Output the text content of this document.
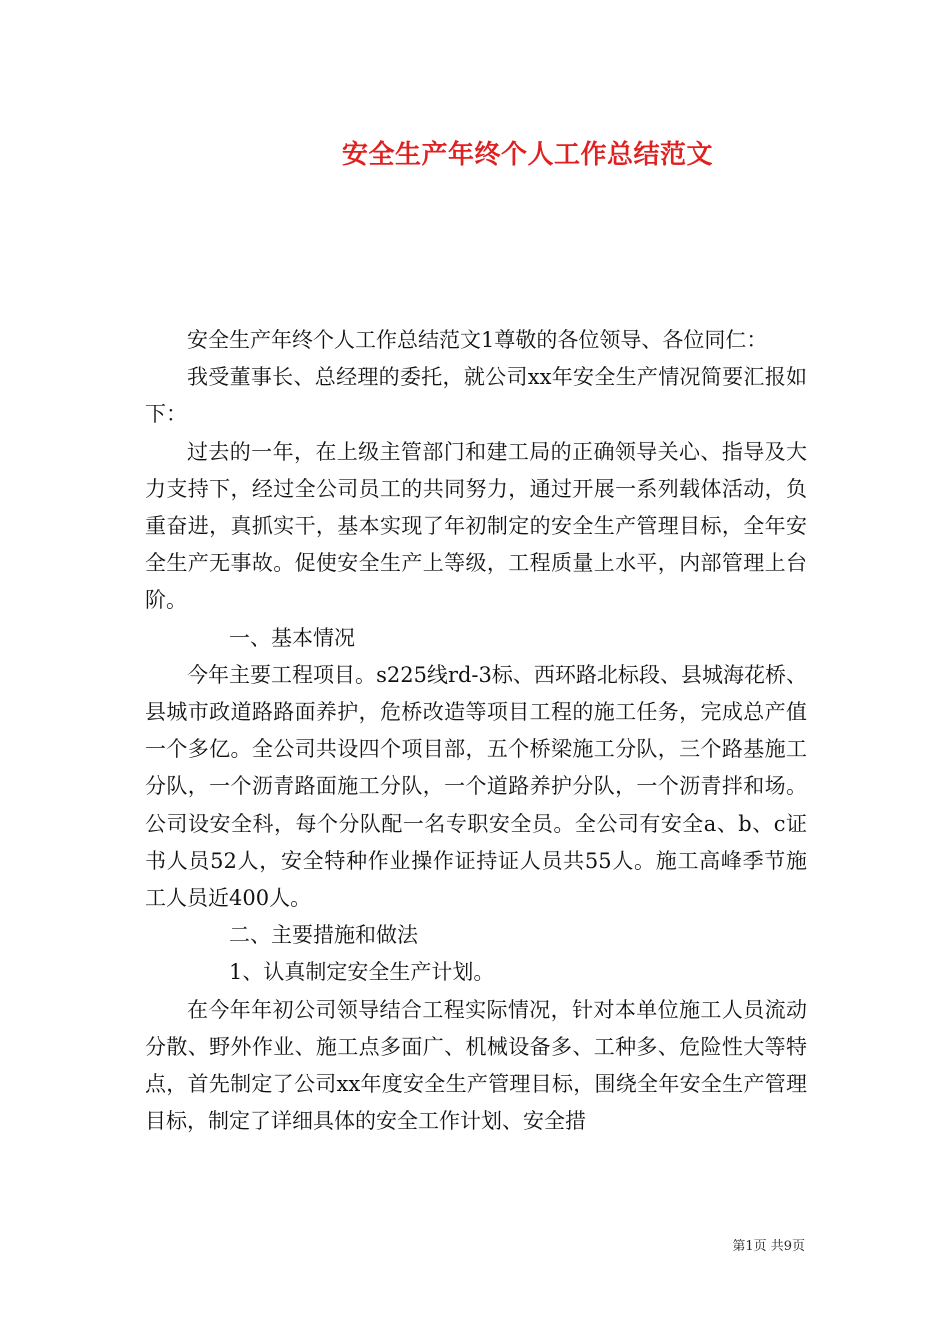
安全生产年终个人工作总结范文

安全生产年终个人工作总结范文1尊敬的各位领导、各位同仁：

我受董事长、总经理的委托，就公司xx年安全生产情况简要汇报如下：

过去的一年，在上级主管部门和建工局的正确领导关心、指导及大力支持下，经过全公司员工的共同努力，通过开展一系列载体活动，负重奋进，真抓实干，基本实现了年初制定的安全生产管理目标，全年安全生产无事故。促使安全生产上等级，工程质量上水平，内部管理上台阶。

一、基本情况

今年主要工程项目。s225线rd-3标、西环路北标段、县城海花桥、县城市政道路路面养护，危桥改造等项目工程的施工任务，完成总产值一个多亿。全公司共设四个项目部，五个桥梁施工分队，三个路基施工分队，一个沥青路面施工分队，一个道路养护分队，一个沥青拌和场。公司设安全科，每个分队配一名专职安全员。全公司有安全a、b、c证书人员52人，安全特种作业操作证持证人员共55人。施工高峰季节施工人员近400人。

二、主要措施和做法

1、认真制定安全生产计划。

在今年年初公司领导结合工程实际情况，针对本单位施工人员流动分散、野外作业、施工点多面广、机械设备多、工种多、危险性大等特点，首先制定了公司xx年度安全生产管理目标，围绕全年安全生产管理目标，制定了详细具体的安全工作计划、安全措

第1页 共9页
